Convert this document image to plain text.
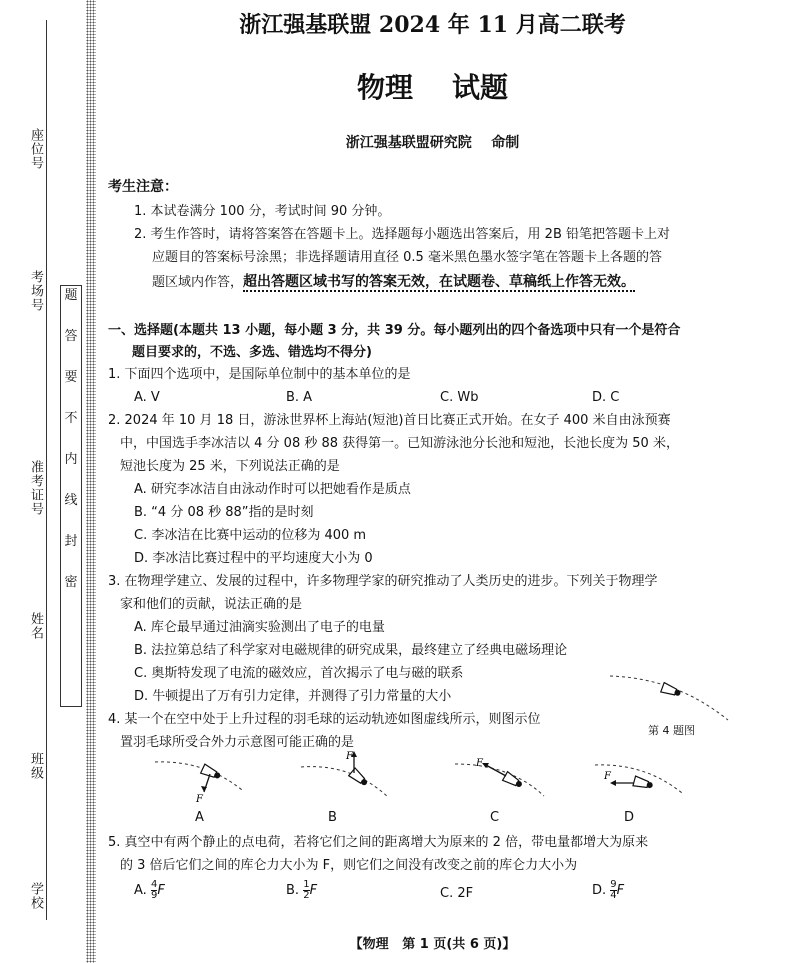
座位号
考场号
准考证号
姓名
班级
学校
题
答
要
不
内
线
封
密
浙江强基联盟 2024 年 11 月高二联考
物理    试题
浙江强基联盟研究院    命制
考生注意：
1. 本试卷满分 100 分，考试时间 90 分钟。
2. 考生作答时，请将答案答在答题卡上。选择题每小题选出答案后，用 2B 铅笔把答题卡上对
应题目的答案标号涂黑；非选择题请用直径 0.5 毫米黑色墨水签字笔在答题卡上各题的答
题区域内作答，超出答题区域书写的答案无效，在试题卷、草稿纸上作答无效。
一、选择题(本题共 13 小题，每小题 3 分，共 39 分。每小题列出的四个备选项中只有一个是符合
题目要求的，不选、多选、错选均不得分)
1. 下面四个选项中，是国际单位制中的基本单位的是
A. V	B. A	C. Wb	D. C
2. 2024 年 10 月 18 日，游泳世界杯上海站(短池)首日比赛正式开始。在女子 400 米自由泳预赛
中，中国选手李冰洁以 4 分 08 秒 88 获得第一。已知游泳池分长池和短池，长池长度为 50 米，
短池长度为 25 米，下列说法正确的是
A. 研究李冰洁自由泳动作时可以把她看作是质点
B. “4 分 08 秒 88”指的是时刻
C. 李冰洁在比赛中运动的位移为 400 m
D. 李冰洁比赛过程中的平均速度大小为 0
3. 在物理学建立、发展的过程中，许多物理学家的研究推动了人类历史的进步。下列关于物理学
家和他们的贡献，说法正确的是
A. 库仑最早通过油滴实验测出了电子的电量
B. 法拉第总结了科学家对电磁规律的研究成果，最终建立了经典电磁场理论
C. 奥斯特发现了电流的磁效应，首次揭示了电与磁的联系
D. 牛顿提出了万有引力定律，并测得了引力常量的大小
4. 某一个在空中处于上升过程的羽毛球的运动轨迹如图虚线所示，则图示位
置羽毛球所受合外力示意图可能正确的是
第 4 题图
F
F
F
F
A	B	C	D
5. 真空中有两个静止的点电荷，若将它们之间的距离增大为原来的 2 倍，带电量都增大为原来
的 3 倍后它们之间的库仑力大小为 F，则它们之间没有改变之前的库仑力大小为
A. $\frac{4}{9}$ F	B. $\frac{1}{2}$ F	C. 2F	D. $\frac{9}{4}$ F
【物理   第 1 页(共 6 页)】
